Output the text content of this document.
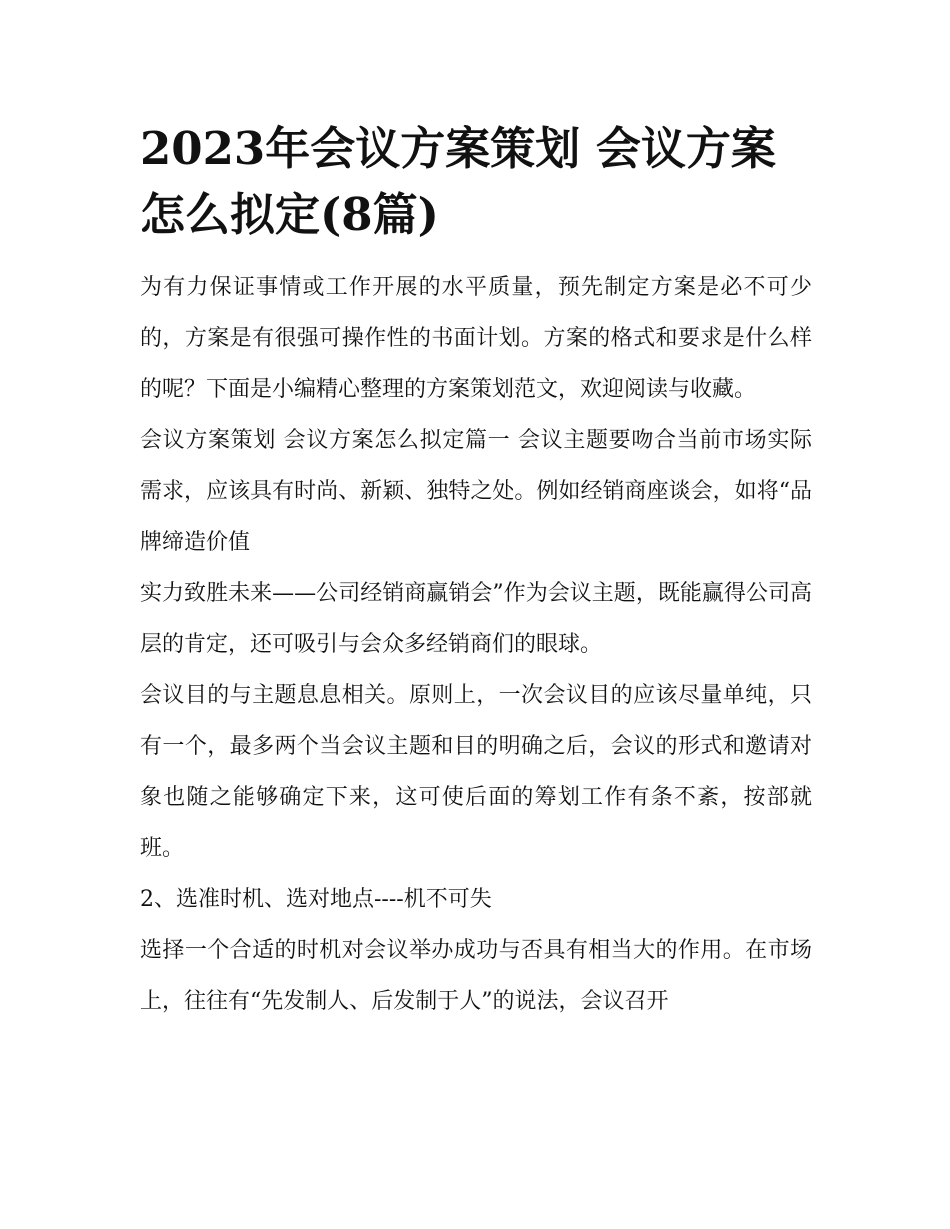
2023年会议方案策划 会议方案怎么拟定(8篇)

为有力保证事情或工作开展的水平质量，预先制定方案是必不可少的，方案是有很强可操作性的书面计划。方案的格式和要求是什么样的呢？下面是小编精心整理的方案策划范文，欢迎阅读与收藏。

会议方案策划 会议方案怎么拟定篇一 会议主题要吻合当前市场实际需求，应该具有时尚、新颖、独特之处。例如经销商座谈会，如将“品牌缔造价值

实力致胜未来——公司经销商赢销会”作为会议主题，既能赢得公司高层的肯定，还可吸引与会众多经销商们的眼球。

会议目的与主题息息相关。原则上，一次会议目的应该尽量单纯，只有一个，最多两个当会议主题和目的明确之后，会议的形式和邀请对象也随之能够确定下来，这可使后面的筹划工作有条不紊，按部就班。

2、选准时机、选对地点----机不可失

选择一个合适的时机对会议举办成功与否具有相当大的作用。在市场上，往往有“先发制人、后发制于人”的说法，会议召开
